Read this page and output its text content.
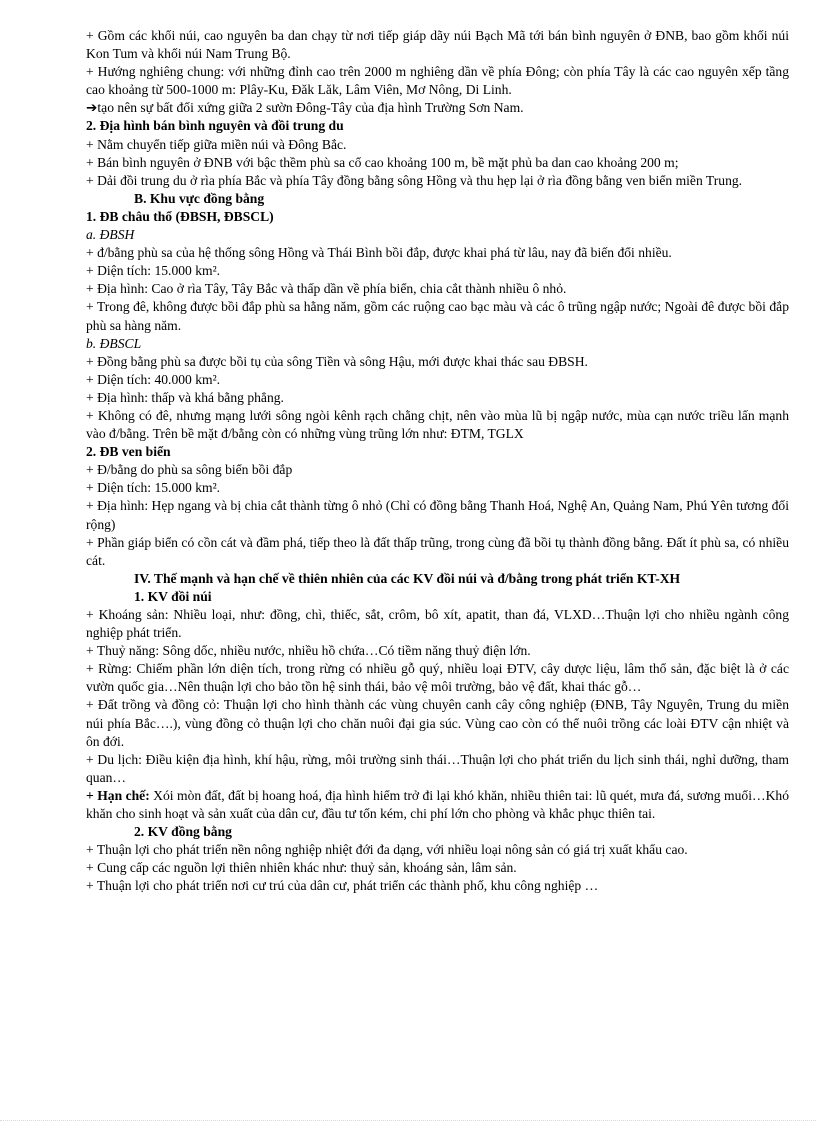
+ Gồm các khối núi, cao nguyên ba dan chạy từ nơi tiếp giáp dãy núi Bạch Mã tới bán bình nguyên ở ĐNB, bao gồm khối núi Kon Tum và khối núi Nam Trung Bộ.

+ Hướng nghiêng chung: với những đỉnh cao trên 2000 m nghiêng dần về phía Đông; còn phía Tây là các cao nguyên xếp tầng cao khoảng từ 500-1000 m: Plây-Ku, Đăk Lăk, Lâm Viên, Mơ Nông, Di Linh.

➔tạo nên sự bất đối xứng giữa 2 sườn Đông-Tây của địa hình Trường Sơn Nam.

2. Địa hình bán bình nguyên và đồi trung du

+ Nằm chuyển tiếp giữa miền núi và Đông Bắc.

+ Bán bình nguyên ở ĐNB với bậc thềm phù sa cổ cao khoảng 100 m, bề mặt phủ ba dan cao khoảng 200 m;

+ Dải đồi trung du ở rìa phía Bắc và phía Tây đồng bằng sông Hồng và thu hẹp lại ở rìa đồng bằng ven biển miền Trung.

B. Khu vực đồng bằng

1. ĐB châu thổ (ĐBSH, ĐBSCL)

a. ĐBSH

+ đ/bằng phù sa của hệ thống sông Hồng và Thái Bình bồi đắp, được khai phá từ lâu, nay đã biến đổi nhiều.

+ Diện tích: 15.000 km².

+ Địa hình: Cao ở rìa Tây, Tây Bắc và thấp dần về phía biển, chia cắt thành nhiều ô nhỏ.

+ Trong đê, không được bồi đắp phù sa hằng năm, gồm các ruộng cao bạc màu và các ô trũng ngập nước; Ngoài đê được bồi đắp phù sa hàng năm.

b. ĐBSCL

+ Đồng bằng phù sa được bồi tụ của sông Tiền và sông Hậu, mới được khai thác sau ĐBSH.

+ Diện tích: 40.000 km².

+ Địa hình: thấp và khá bằng phẳng.

+ Không có đê, nhưng mạng lưới sông ngòi kênh rạch chằng chịt, nên vào mùa lũ bị ngập nước, mùa cạn nước triều lấn mạnh vào đ/bằng. Trên bề mặt đ/bằng còn có những vùng trũng lớn như: ĐTM, TGLX

2. ĐB ven biển

+ Đ/bằng do phù sa sông biển bồi đắp

+ Diện tích: 15.000 km².

+ Địa hình: Hẹp ngang và bị chia cắt thành từng ô nhỏ (Chỉ có đồng bằng Thanh Hoá, Nghệ An, Quảng Nam, Phú Yên tương đối rộng)

+ Phần giáp biển có cồn cát và đầm phá, tiếp theo là đất thấp trũng, trong cùng đã bồi tụ thành đồng bằng. Đất ít phù sa, có nhiều cát.

IV. Thế mạnh và hạn chế về thiên nhiên của các KV đồi núi và đ/bằng trong phát triển KT-XH

1. KV đồi núi

+ Khoáng sản: Nhiều loại, như: đồng, chì, thiếc, sắt, crôm, bô xít, apatit, than đá, VLXD…Thuận lợi cho nhiều ngành công nghiệp phát triển.

+ Thuỷ năng: Sông dốc, nhiều nước, nhiều hồ chứa…Có tiềm năng thuỷ điện lớn.

+ Rừng: Chiếm phần lớn diện tích, trong rừng có nhiều gỗ quý, nhiều loại ĐTV, cây dược liệu, lâm thổ sản, đặc biệt là ở các vườn quốc gia…Nên thuận lợi cho bảo tồn hệ sinh thái, bảo vệ môi trường, bảo vệ đất, khai thác gỗ…

+ Đất trồng và đồng cỏ: Thuận lợi cho hình thành các vùng chuyên canh cây công nghiệp (ĐNB, Tây Nguyên, Trung du miền núi phía Bắc….), vùng đồng cỏ thuận lợi cho chăn nuôi đại gia súc. Vùng cao còn có thể nuôi trồng các loài ĐTV cận nhiệt và ôn đới.

+ Du lịch: Điều kiện địa hình, khí hậu, rừng, môi trường sinh thái…Thuận lợi cho phát triển du lịch sinh thái, nghỉ dưỡng, tham quan…

+ Hạn chế: Xói mòn đất, đất bị hoang hoá, địa hình hiểm trở đi lại khó khăn, nhiều thiên tai: lũ quét, mưa đá, sương muối…Khó khăn cho sinh hoạt và sản xuất của dân cư, đầu tư tốn kém, chi phí lớn cho phòng và khắc phục thiên tai.

2. KV đồng bằng

+ Thuận lợi cho phát triển nền nông nghiệp nhiệt đới đa dạng, với nhiều loại nông sản có giá trị xuất khẩu cao.

+ Cung cấp các nguồn lợi thiên nhiên khác như: thuỷ sản, khoáng sản, lâm sản.

+ Thuận lợi cho phát triển nơi cư trú của dân cư, phát triển các thành phố, khu công nghiệp …
